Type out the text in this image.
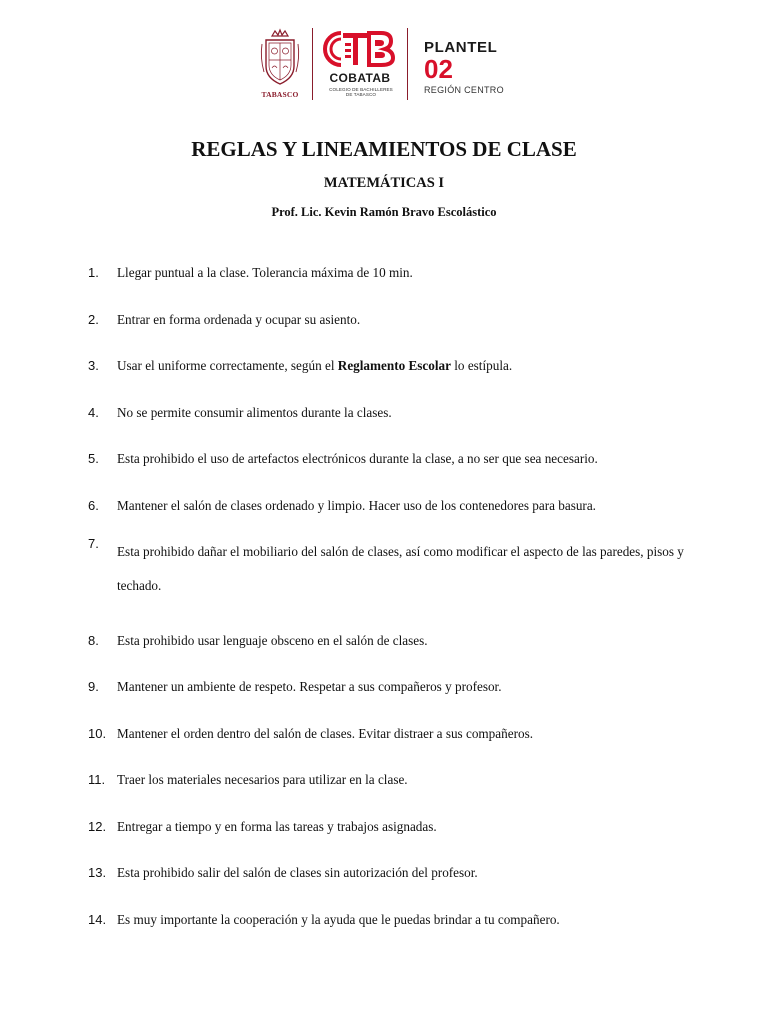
TABASCO
COBATAB
COLEGIO DE BACHILLERES DE TABASCO
PLANTEL
02
REGIÓN CENTRO
REGLAS Y LINEAMIENTOS DE CLASE
MATEMÁTICAS I
Prof. Lic. Kevin Ramón Bravo Escolástico
1. Llegar puntual a la clase. Tolerancia máxima de 10 min.
2. Entrar en forma ordenada y ocupar su asiento.
3. Usar el uniforme correctamente, según el Reglamento Escolar lo estípula.
4. No se permite consumir alimentos durante la clases.
5. Esta prohibido el uso de artefactos electrónicos durante la clase, a no ser que sea necesario.
6. Mantener el salón de clases ordenado y limpio. Hacer uso de los contenedores para basura.
7.
Esta prohibido dañar el mobiliario del salón de clases, así como modificar el aspecto de las paredes, pisos y techado.
8. Esta prohibido usar lenguaje obsceno en el salón de clases.
9. Mantener un ambiente de respeto. Respetar a sus compañeros y profesor.
10. Mantener el orden dentro del salón de clases. Evitar distraer a sus compañeros.
11. Traer los materiales necesarios para utilizar en la clase.
12. Entregar a tiempo y en forma las tareas y trabajos asignadas.
13. Esta prohibido salir del salón de clases sin autorización del profesor.
14. Es muy importante la cooperación y la ayuda que le puedas brindar a tu compañero.
